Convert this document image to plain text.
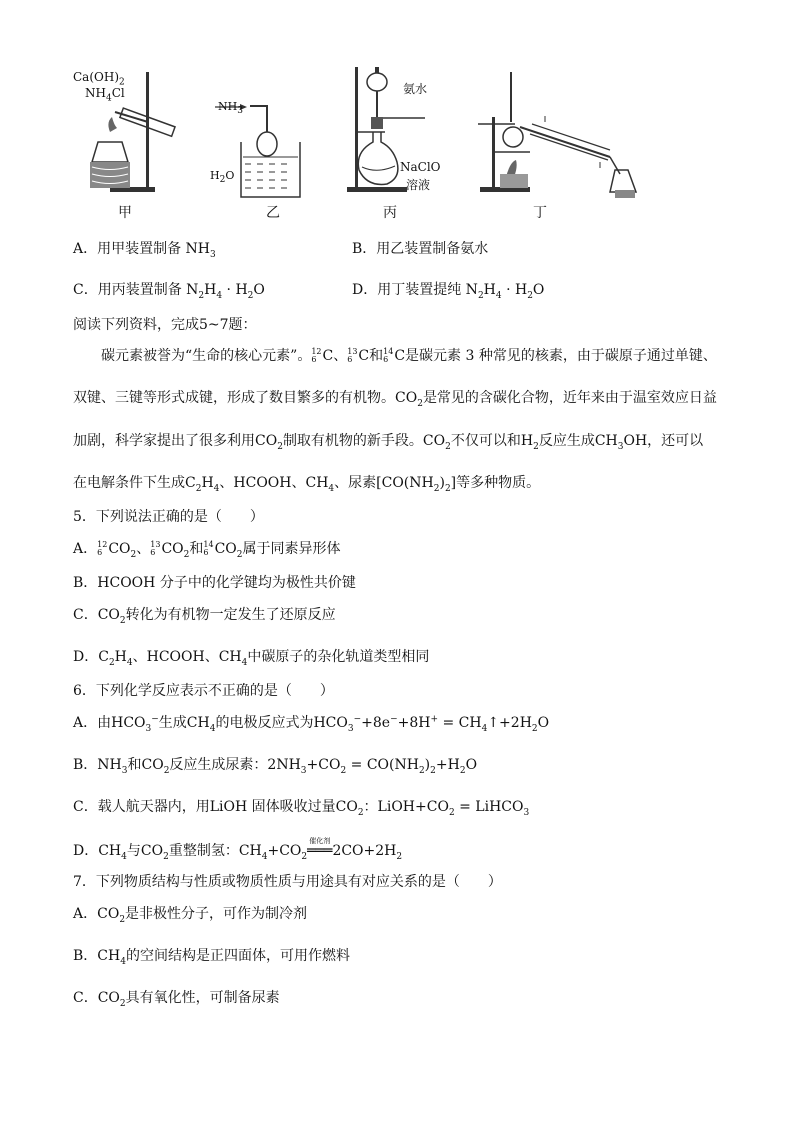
$Ca(OH)_2$
$NH_4Cl$
甲
$NH_3$
$H_2O$
乙
氨水
NaClO
溶液
丙	丁
A．用甲装置制备 $NH_3$	B．用乙装置制备氨水
C．用丙装置制备 $N_2H_4 \cdot H_2O$	D．用丁装置提纯 $N_2H_4 \cdot H_2O$
阅读下列资料，完成5~7题：
碳元素被誉为“生命的核心元素”。 12
6 C、 13
6 C和 14
6 C是碳元素 3 种常见的核素，由于碳原子通过单键、
双键、三键等形式成键，形成了数目繁多的有机物。$CO_2$是常见的含碳化合物，近年来由于温室效应日益
加剧，科学家提出了很多利用$CO_2$制取有机物的新手段。$CO_2$不仅可以和$H_2$反应生成$CH_3OH$，还可以
在电解条件下生成$C_2H_4$、HCOOH、$CH_4$、尿素$[CO(NH_2)_2]$等多种物质。
5．下列说法正确的是（　　）
A． 12
6 $CO_2$、 13
6 $CO_2$和 14
6 $CO_2$属于同素异形体
B．HCOOH 分子中的化学键均为极性共价键
C．$CO_2$转化为有机物一定发生了还原反应
D．$C_2H_4$、HCOOH、$CH_4$中碳原子的杂化轨道类型相同
6．下列化学反应表示不正确的是（　　）
A．由$HCO_3^-$生成$CH_4$的电极反应式为$HCO_3^-+8e^-+8H^+$ = $CH_4↑+2H_2O$
B．$NH_3$和$CO_2$反应生成尿素：$2NH_3+CO_2 = CO(NH_2)_2+H_2O$
C．载人航天器内，用LiOH 固体吸收过量$CO_2$：$LiOH+CO_2$ = LiHCO$_3$
D．$CH_4$与$CO_2$重整制氢：$CH_4+CO_2$
催化剂
$═══2CO+2H_2$
7．下列物质结构与性质或物质性质与用途具有对应关系的是（　　）
A．$CO_2$是非极性分子，可作为制冷剂
B．$CH_4$的空间结构是正四面体，可用作燃料
C．$CO_2$具有氧化性，可制备尿素
